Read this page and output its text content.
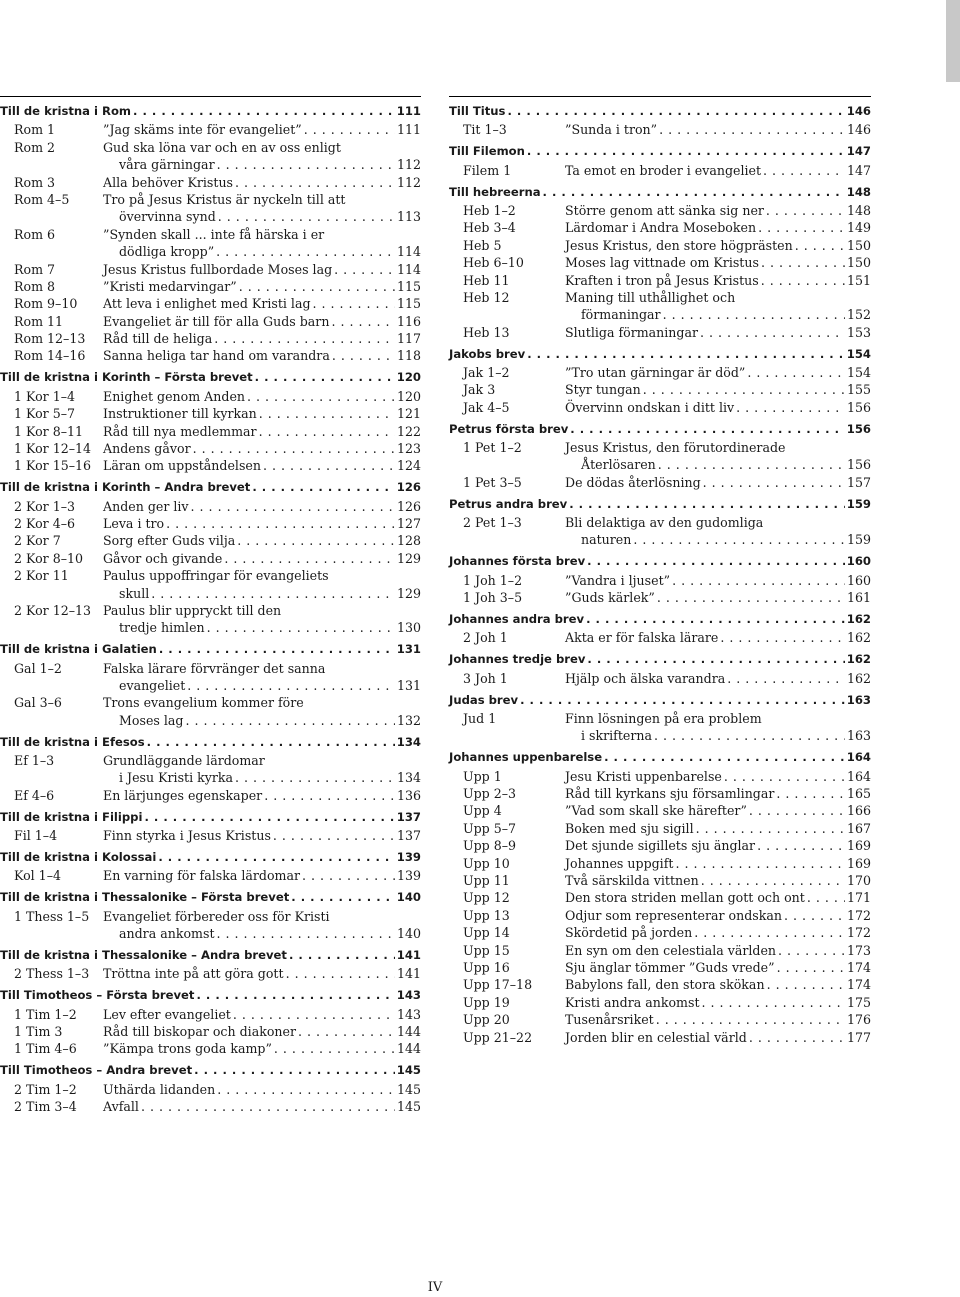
Till de kristna i Rom . . .	111
Rom 1	”Jag skäms inte för evangeliet” . . .	111
Rom 2	Gud ska löna var och en av oss enligt
våra gärningar . . .	112
Rom 3	Alla behöver Kristus . . .	112
Rom 4–5	Tro på Jesus Kristus är nyckeln till att
övervinna synd . . .	113
Rom 6	”Synden skall ... inte få härska i er
dödliga kropp” . . .	114
Rom 7	Jesus Kristus fullbordade Moses lag . . .	114
Rom 8	”Kristi medarvingar” . . .	115
Rom 9–10	Att leva i enlighet med Kristi lag . . .	115
Rom 11	Evangeliet är till för alla Guds barn . . .	116
Rom 12–13	Råd till de heliga . . .	117
Rom 14–16	Sanna heliga tar hand om varandra . . .	118
Till de kristna i Korinth – Första brevet . . .	120
1 Kor 1–4	Enighet genom Anden . . .	120
1 Kor 5–7	Instruktioner till kyrkan . . .	121
1 Kor 8–11	Råd till nya medlemmar . . .	122
1 Kor 12–14 Andens gåvor . . .	123
1 Kor 15–16 Läran om uppståndelsen . . .	124
Till de kristna i Korinth – Andra brevet . . .	126
2 Kor 1–3	Anden ger liv . . .	126
2 Kor 4–6	Leva i tro . . .	127
2 Kor 7	Sorg efter Guds vilja . . .	128
2 Kor 8–10	Gåvor och givande . . .	129
2 Kor 11	Paulus uppoffringar för evangeliets
skull . . .	129
2 Kor 12–13 Paulus blir uppryckt till den
tredje himlen . . .	130
Till de kristna i Galatien . . .	131
Gal 1–2	Falska lärare förvränger det sanna
evangeliet . . .	131
Gal 3–6	Trons evangelium kommer före
Moses lag . . .	132
Till de kristna i Efesos . . .	134
Ef 1–3	Grundläggande lärdomar
i Jesu Kristi kyrka . . .	134
Ef 4–6	En lärjunges egenskaper . . .	136
Till de kristna i Filippi . . .	137
Fil 1–4	Finn styrka i Jesus Kristus . . .	137
Till de kristna i Kolossai . . .	139
Kol 1–4	En varning för falska lärdomar . . .	139
Till de kristna i Thessalonike – Första brevet . . .	140
1 Thess 1–5	Evangeliet förbereder oss för Kristi
andra ankomst . . .	140
Till de kristna i Thessalonike – Andra brevet . . .	141
2 Thess 1–3	Tröttna inte på att göra gott . . .	141
Till Timotheos – Första brevet . . .	143
1 Tim 1–2	Lev efter evangeliet . . .	143
1 Tim 3	Råd till biskopar och diakoner . . .	144
1 Tim 4–6	”Kämpa trons goda kamp” . . .	144
Till Timotheos – Andra brevet . . .	145
2 Tim 1–2	Uthärda lidanden . . .	145
2 Tim 3–4	Avfall . . .	145
Till Titus . . .	146
Tit 1–3	”Sunda i tron” . . .	146
Till Filemon . . .	147
Filem 1	Ta emot en broder i evangeliet . . .	147
Till hebreerna . . .	148
Heb 1–2	Större genom att sänka sig ner . . .	148
Heb 3–4	Lärdomar i Andra Moseboken . . .	149
Heb 5	Jesus Kristus, den store högprästen . . .	150
Heb 6–10	Moses lag vittnade om Kristus . . .	150
Heb 11	Kraften i tron på Jesus Kristus . . .	151
Heb 12	Maning till uthållighet och
förmaningar . . .	152
Heb 13	Slutliga förmaningar . . .	153
Jakobs brev . . .	154
Jak 1–2	”Tro utan gärningar är död” . . .	154
Jak 3	Styr tungan . . .	155
Jak 4–5	Övervinn ondskan i ditt liv . . .	156
Petrus första brev . . .	156
1 Pet 1–2	Jesus Kristus, den förutordinerade
Återlösaren . . .	156
1 Pet 3–5	De dödas återlösning . . .	157
Petrus andra brev . . .	159
2 Pet 1–3	Bli delaktiga av den gudomliga
naturen . . .	159
Johannes första brev . . .	160
1 Joh 1–2	”Vandra i ljuset” . . .	160
1 Joh 3–5	”Guds kärlek” . . .	161
Johannes andra brev . . .	162
2 Joh 1	Akta er för falska lärare . . .	162
Johannes tredje brev . . .	162
3 Joh 1	Hjälp och älska varandra . . .	162
Judas brev . . .	163
Jud 1	Finn lösningen på era problem
i skrifterna . . .	163
Johannes uppenbarelse . . .	164
Upp 1	Jesu Kristi uppenbarelse . . .	164
Upp 2–3	Råd till kyrkans sju församlingar . . .	165
Upp 4	”Vad som skall ske härefter” . . .	166
Upp 5–7	Boken med sju sigill . . .	167
Upp 8–9	Det sjunde sigillets sju änglar . . .	169
Upp 10	Johannes uppgift . . .	169
Upp 11	Två särskilda vittnen . . .	170
Upp 12	Den stora striden mellan gott och ont . . .	171
Upp 13	Odjur som representerar ondskan . . .	172
Upp 14	Skördetid på jorden . . .	172
Upp 15	En syn om den celestiala världen . . .	173
Upp 16	Sju änglar tömmer ”Guds vrede” . . .	174
Upp 17–18	Babylons fall, den stora skökan . . .	174
Upp 19	Kristi andra ankomst . . .	175
Upp 20	Tusenårsriket . . .	176
Upp 21–22	Jorden blir en celestial värld . . .	177
IV
